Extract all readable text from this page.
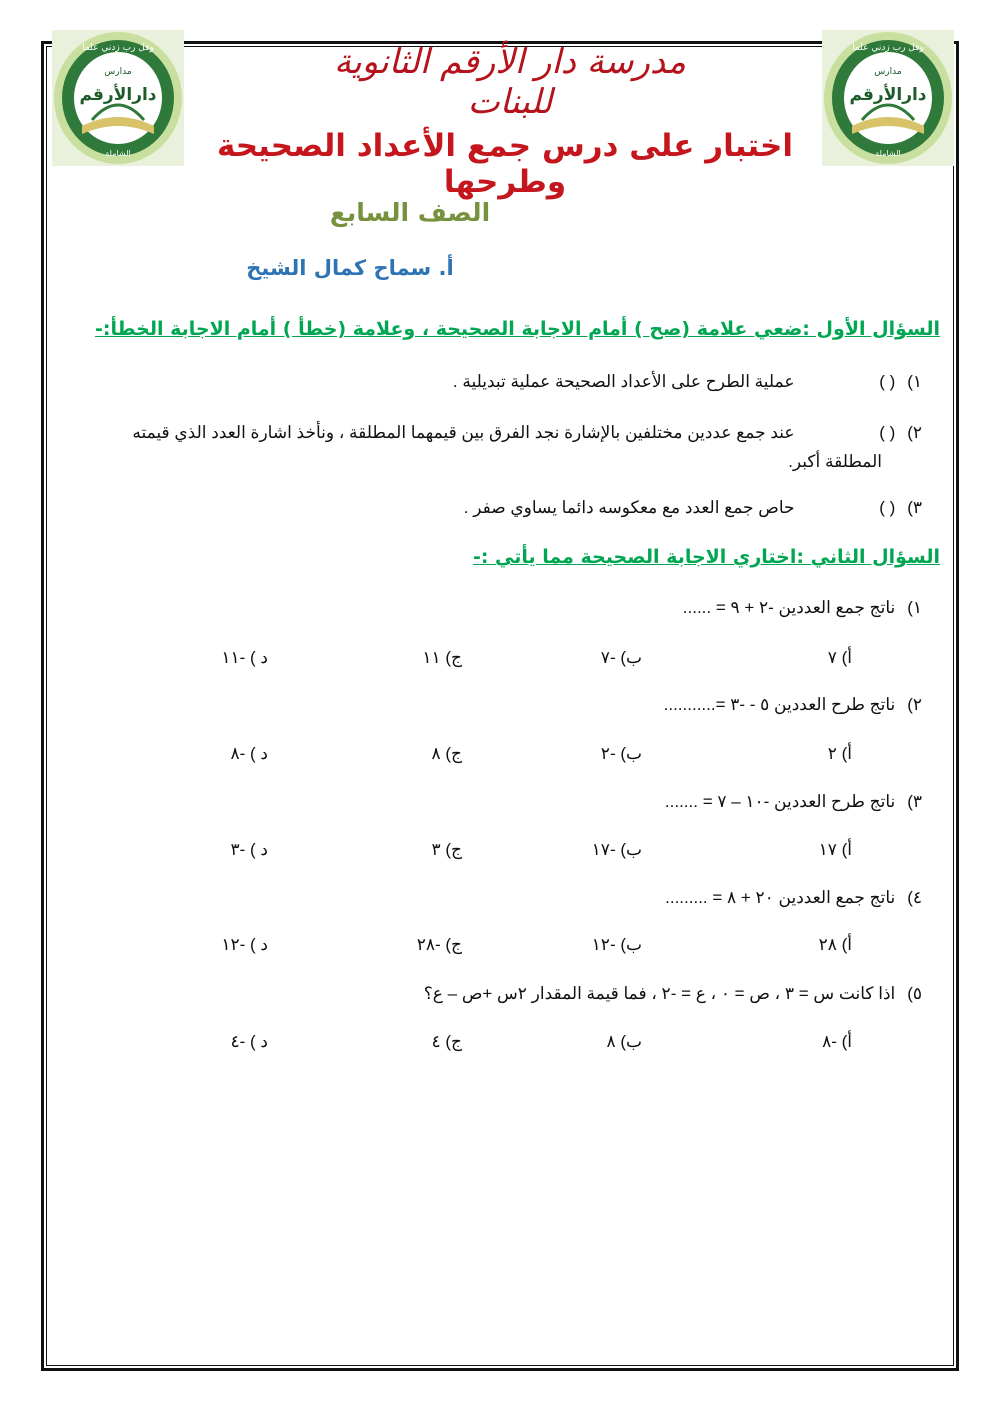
وقل رب زدني علما
مدارس
دارالأرقم
الشاملة
وقل رب زدني علما
مدارس
دارالأرقم
الشاملة
مدرسة دار الأرقم الثانوية للبنات
اختبار على درس جمع الأعداد الصحيحة وطرحها
الصف السابع
أ. سماح كمال الشيخ
السؤال الأول :ضعي علامة (صح ) أمام الاجابة الصحيحة ، وعلامة (خطأ ) أمام الاجابة الخطأ:-
١) ( ) عملية الطرح على الأعداد الصحيحة عملية تبديلية .
٢) ( ) عند جمع عددين مختلفين بالإشارة نجد الفرق بين قيمهما المطلقة ، ونأخذ اشارة العدد الذي قيمته
المطلقة أكبر.
٣) ( ) حاص جمع العدد مع معكوسه دائما يساوي صفر .
السؤال الثاني :اختاري الاجابة الصحيحة مما يأتي :-
١) ناتج جمع العددين -٢ + ٩ = ......
أ) ٧
ب) -٧
ج) ١١
د ) -١١
٢) ناتج طرح العددين ٥ - -٣ =...........
أ) ٢
ب) -٢
ج) ٨
د ) -٨
٣) ناتج طرح العددين -١٠ – ٧ = .......
أ) ١٧
ب) -١٧
ج) ٣
د ) -٣
٤) ناتج جمع العددين ٢٠ + ٨ = .........
أ) ٢٨
ب) -١٢
ج) -٢٨
د ) -١٢
٥) اذا كانت س = ٣ ، ص = ٠ ، ع = -٢ ، فما قيمة المقدار ٢س +ص – ع؟
أ) -٨
ب) ٨
ج) ٤
د ) -٤
